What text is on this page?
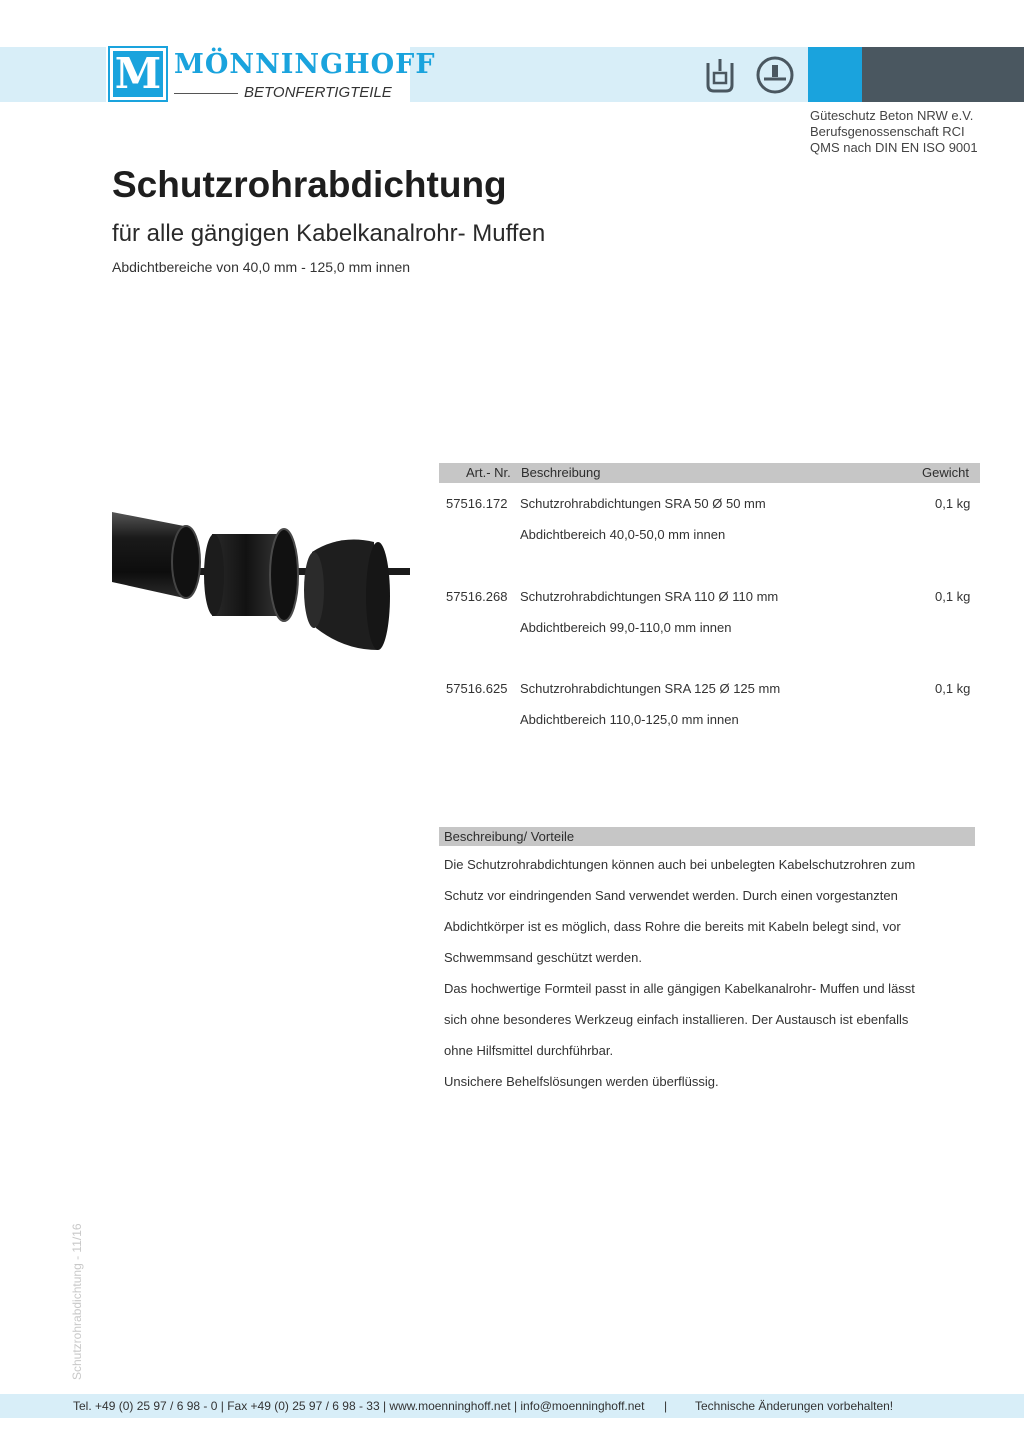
M MÖNNINGHOFF
BETONFERTIGTEILE
Güteschutz Beton NRW e.V.
Berufsgenossenschaft RCI
QMS nach DIN EN ISO 9001
Schutzrohrabdichtung
für alle gängigen Kabelkanalrohr- Muffen
Abdichtbereiche von 40,0 mm - 125,0 mm innen
Art.- Nr. Beschreibung	Gewicht
57516.172 Schutzrohrabdichtungen SRA 50 Ø 50 mm
Abdichtbereich 40,0-50,0 mm innen
0,1 kg
57516.268 Schutzrohrabdichtungen SRA 110 Ø 110 mm
Abdichtbereich 99,0-110,0 mm innen
0,1 kg
57516.625 Schutzrohrabdichtungen SRA 125 Ø 125 mm
Abdichtbereich 110,0-125,0 mm innen
0,1 kg
Beschreibung/ Vorteile
Die Schutzrohrabdichtungen können auch bei unbelegten Kabelschutzrohren zum
Schutz vor eindringenden Sand verwendet werden. Durch einen vorgestanzten
Abdichtkörper ist es möglich, dass Rohre die bereits mit Kabeln belegt sind, vor
Schwemmsand geschützt werden.
Das hochwertige Formteil passt in alle gängigen Kabelkanalrohr- Muffen und lässt
sich ohne besonderes Werkzeug einfach installieren. Der Austausch ist ebenfalls
ohne Hilfsmittel durchführbar.
Unsichere Behelfslösungen werden überflüssig.
Schutzrohrabdichtung - 11/16
Tel. +49 (0) 25 97 / 6 98 - 0 | Fax +49 (0) 25 97 / 6 98 - 33 | www.moenninghoff.net | info@moenninghoff.net | Technische Änderungen vorbehalten!
